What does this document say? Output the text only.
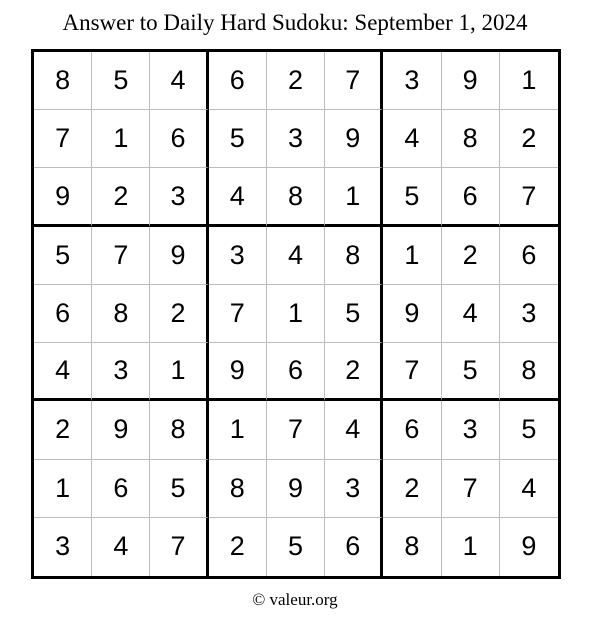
Answer to Daily Hard Sudoku: September 1, 2024
8	5	4	6	2	7	3	9	1
7	1	6	5	3	9	4	8	2
9	2	3	4	8	1	5	6	7
5	7	9	3	4	8	1	2	6
6	8	2	7	1	5	9	4	3
4	3	1	9	6	2	7	5	8
2	9	8	1	7	4	6	3	5
1	6	5	8	9	3	2	7	4
3	4	7	2	5	6	8	1	9
© valeur.org
